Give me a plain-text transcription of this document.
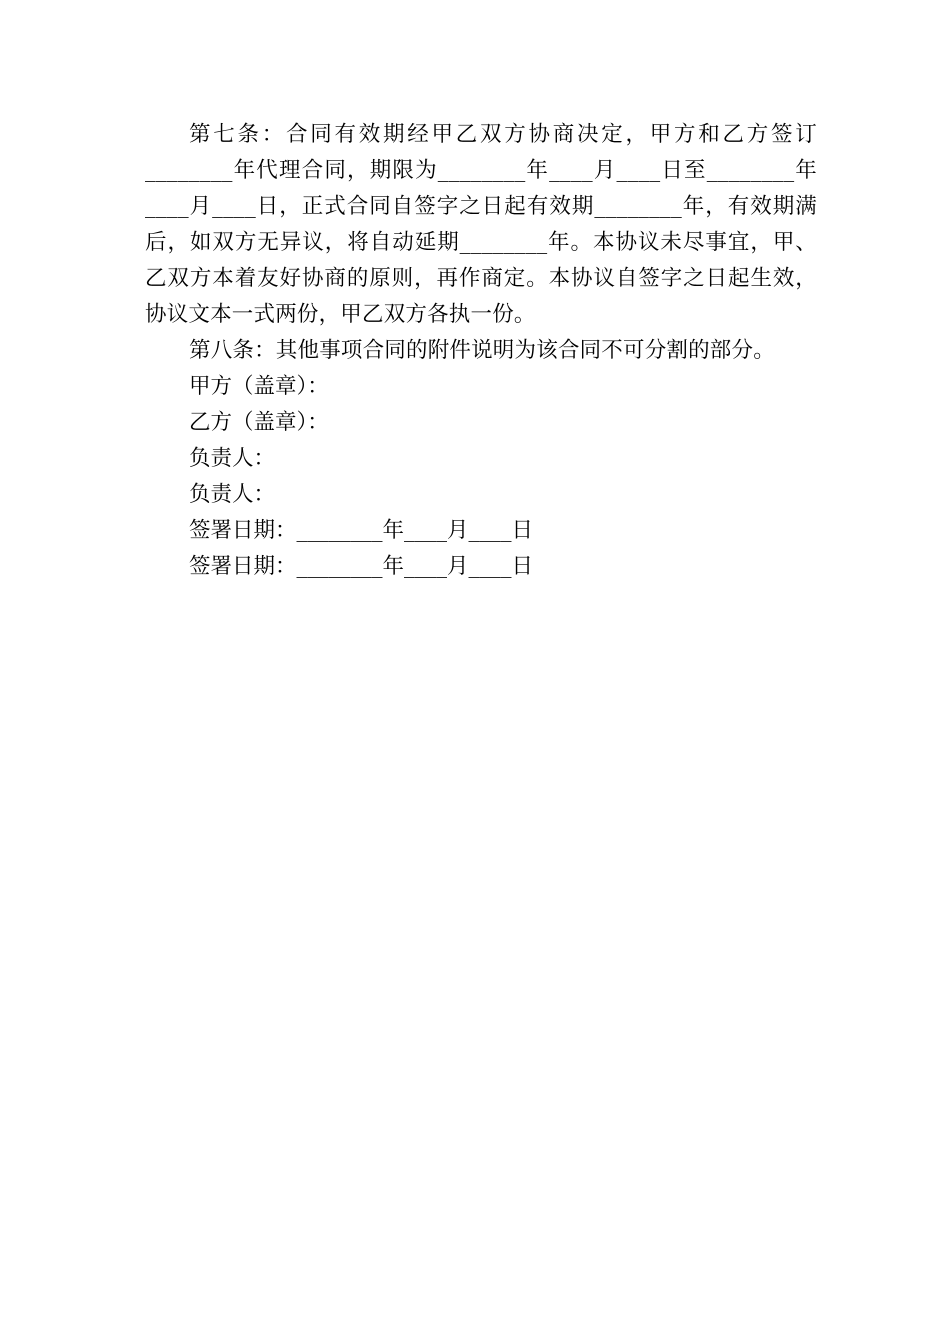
第七条：合同有效期经甲乙双方协商决定，甲方和乙方签订________年代理合同，期限为________年____月____日至________年____月____日，正式合同自签字之日起有效期________年，有效期满后，如双方无异议，将自动延期________年。本协议未尽事宜，甲、乙双方本着友好协商的原则，再作商定。本协议自签字之日起生效，协议文本一式两份，甲乙双方各执一份。

第八条：其他事项合同的附件说明为该合同不可分割的部分。

甲方（盖章）：

乙方（盖章）：

负责人：

负责人：

签署日期：________年____月____日

签署日期：________年____月____日
